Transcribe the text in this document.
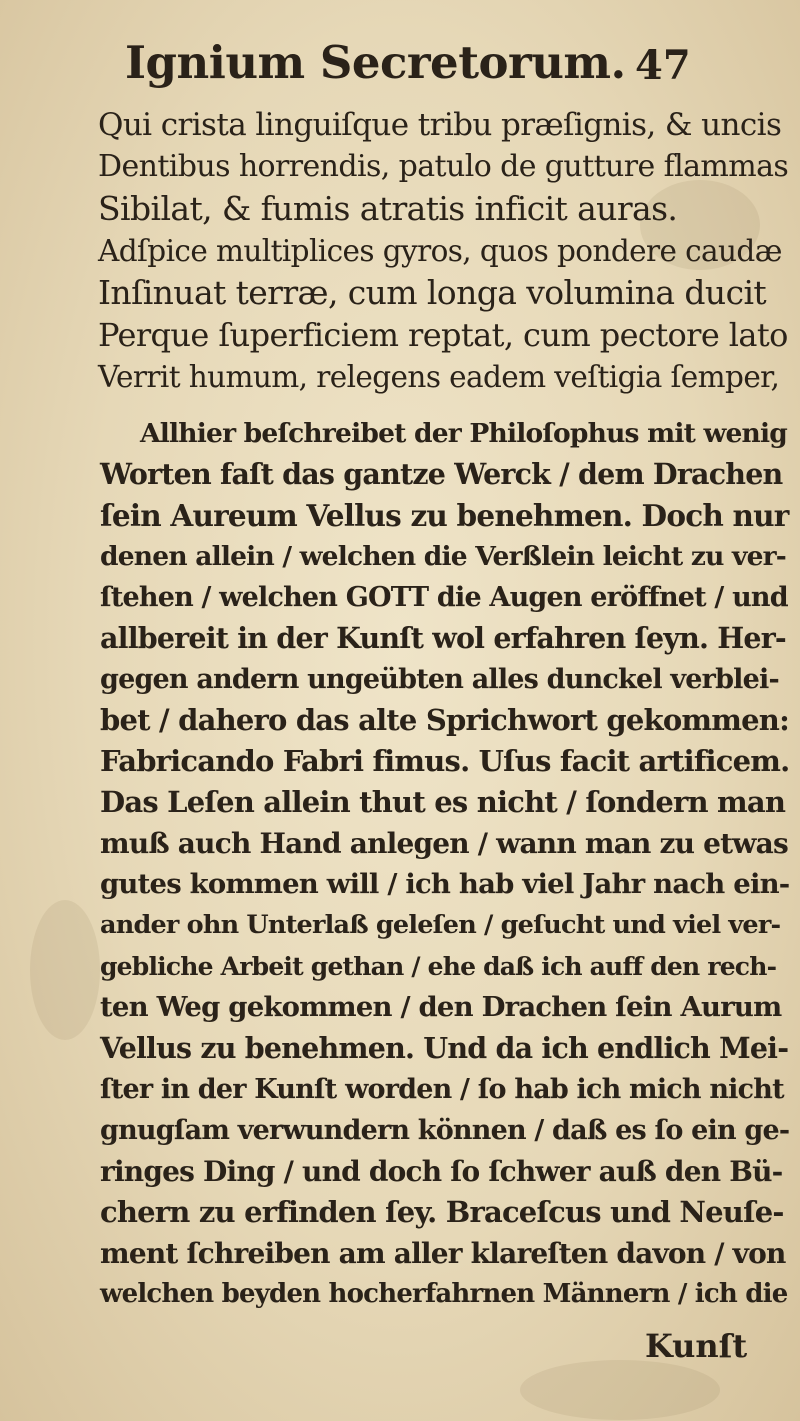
Ignium Secretorum. 47
Qui crista linguiſque tribu præſignis, & uncis
Dentibus horrendis, patulo de gutture flammas
Sibilat, & fumis atratis inficit auras.
Adſpice multiplices gyros, quos pondere caudæ
Inſinuat terræ, cum longa volumina ducit
Perque ſuperficiem reptat, cum pectore lato
Verrit humum, relegens eadem veſtigia ſemper,
Allhier beſchreibet der Philoſophus mit wenig
Worten faſt das gantze Werck / dem Drachen
ſein Aureum Vellus zu benehmen. Doch nur
denen allein / welchen die Verßlein leicht zu ver-
ſtehen / welchen GOTT die Augen eröffnet / und
allbereit in der Kunſt wol erfahren ſeyn. Her-
gegen andern ungeübten alles dunckel verblei-
bet / dahero das alte Sprichwort gekommen:
Fabricando Fabri fimus. Uſus facit artificem.
Das Leſen allein thut es nicht / ſondern man
muß auch Hand anlegen / wann man zu etwas
gutes kommen will / ich hab viel Jahr nach ein-
ander ohn Unterlaß geleſen / geſucht und viel ver-
gebliche Arbeit gethan / ehe daß ich auff den rech-
ten Weg gekommen / den Drachen ſein Aurum
Vellus zu benehmen. Und da ich endlich Mei-
ſter in der Kunſt worden / ſo hab ich mich nicht
gnugſam verwundern können / daß es ſo ein ge-
ringes Ding / und doch ſo ſchwer auß den Bü-
chern zu erfinden ſey. Braceſcus und Neuſe-
ment ſchreiben am aller klareſten davon / von
welchen beyden hocherfahrnen Männern / ich die
Kunſt
